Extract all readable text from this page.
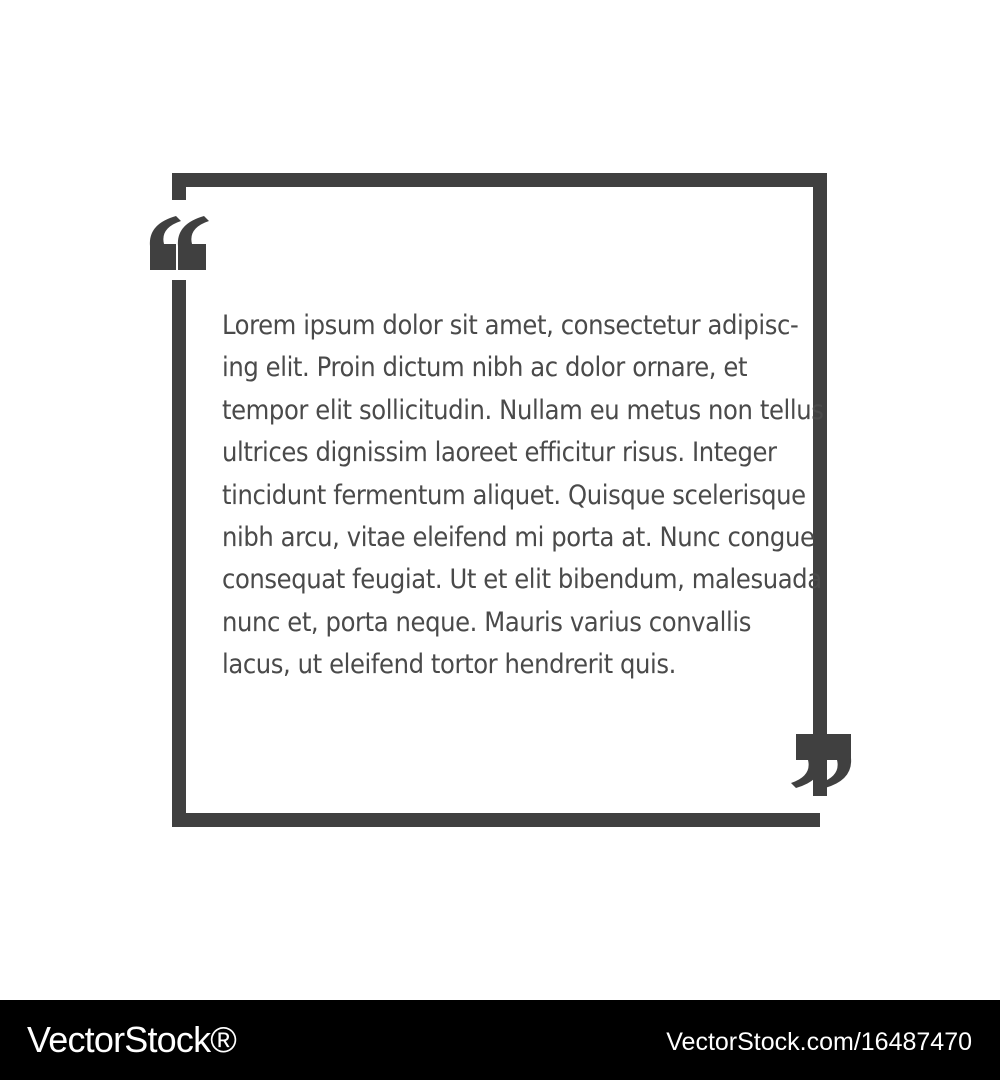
Lorem ipsum dolor sit amet, consectetur adipisc-
ing elit. Proin dictum nibh ac dolor ornare, et
tempor elit sollicitudin. Nullam eu metus non tellus
ultrices dignissim laoreet efficitur risus. Integer
tincidunt fermentum aliquet. Quisque scelerisque
nibh arcu, vitae eleifend mi porta at. Nunc congue
consequat feugiat. Ut et elit bibendum, malesuada
nunc et, porta neque. Mauris varius convallis
lacus, ut eleifend tortor hendrerit quis.

VectorStock®	VectorStock.com/16487470
